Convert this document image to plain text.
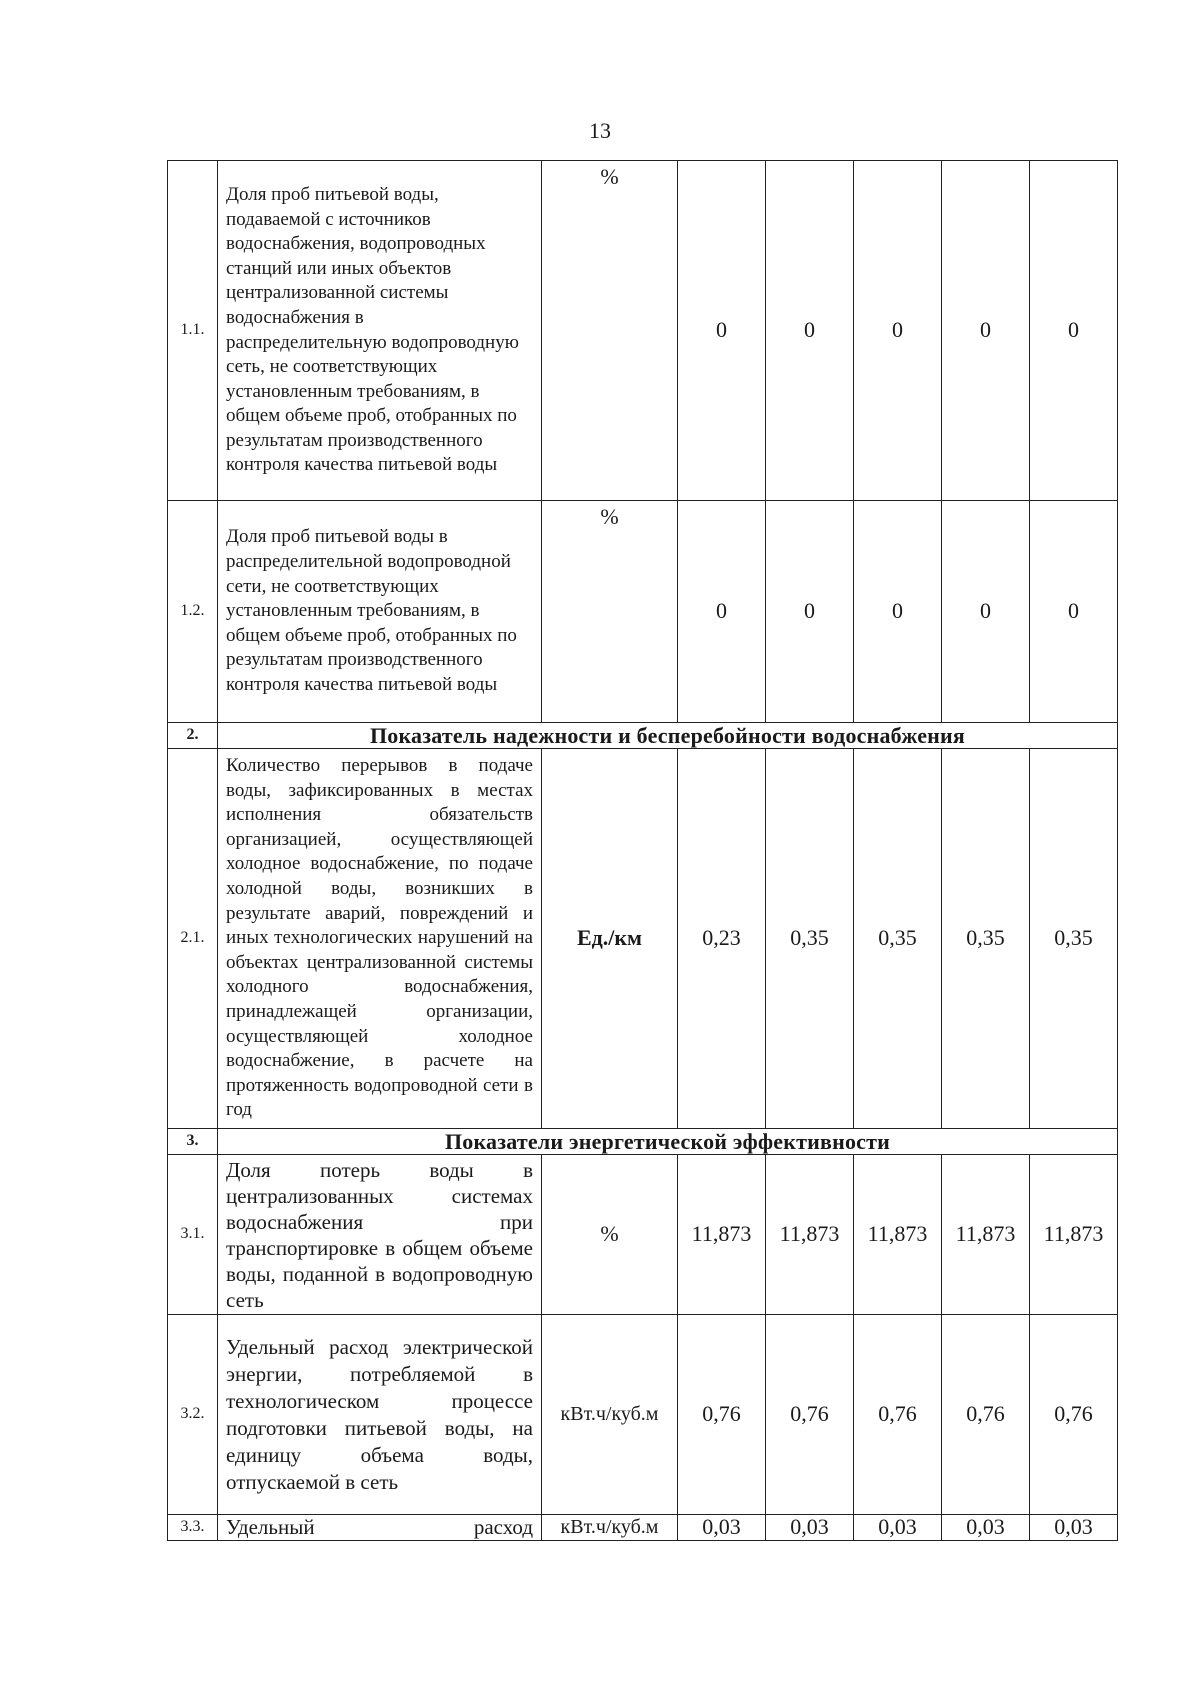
13
1.1.	Доля проб питьевой воды, подаваемой с источников водоснабжения, водопроводных станций или иных объектов централизованной системы водоснабжения в распределительную водопроводную сеть, не соответствующих установленным требованиям, в общем объеме проб, отобранных по результатам производственного контроля качества питьевой воды	%	0	0	0	0	0
1.2.	Доля проб питьевой воды в распределительной водопроводной сети, не соответствующих установленным требованиям, в общем объеме проб, отобранных по результатам производственного контроля качества питьевой воды	%	0	0	0	0	0
2.	Показатель надежности и бесперебойности водоснабжения						
2.1.	Количество перерывов в подаче воды, зафиксированных в местах исполнения обязательств организацией, осуществляющей холодное водоснабжение, по подаче холодной воды, возникших в результате аварий, повреждений и иных технологических нарушений на объектах централизованной системы холодного водоснабжения, принадлежащей организации, осуществляющей холодное водоснабжение, в расчете на протяженность водопроводной сети в год	Ед./км	0,23	0,35	0,35	0,35	0,35
3.	Показатели энергетической эффективности						
3.1.	Доля потерь воды в централизованных системах водоснабжения при транспортировке в общем объеме воды, поданной в водопроводную сеть	%	11,873	11,873	11,873	11,873	11,873
3.2.	Удельный расход электрической энергии, потребляемой в технологическом процессе подготовки питьевой воды, на единицу объема воды, отпускаемой в сеть	кВт.ч/куб.м	0,76	0,76	0,76	0,76	0,76
3.3.	Удельный расход	кВт.ч/куб.м	0,03	0,03	0,03	0,03	0,03
